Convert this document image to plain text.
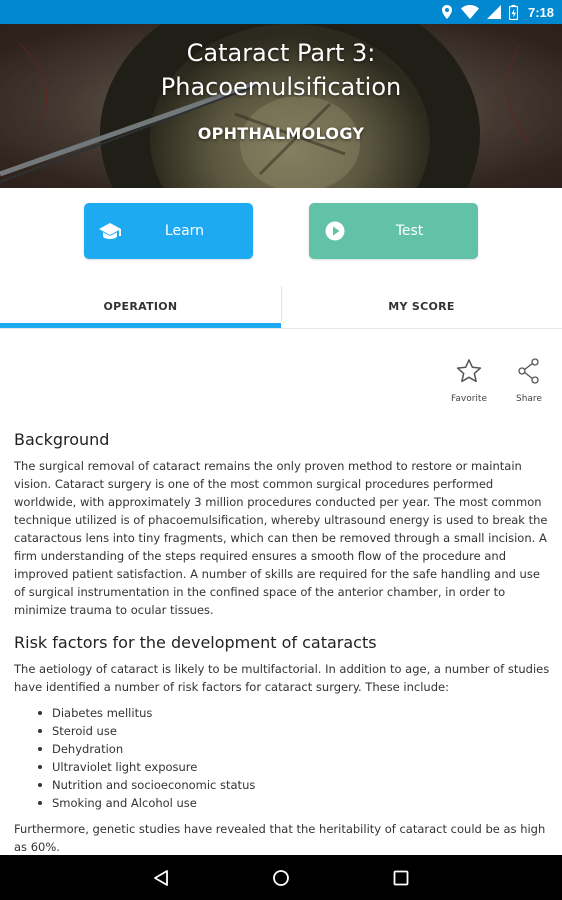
7:18
Cataract Part 3:
Phacoemulsification
OPHTHALMOLOGY
Learn	Test
OPERATION	MY SCORE
Favorite	Share
Background

The surgical removal of cataract remains the only proven method to restore or maintain vision. Cataract surgery is one of the most common surgical procedures performed worldwide, with approximately 3 million procedures conducted per year. The most common technique utilized is of phacoemulsification, whereby ultrasound energy is used to break the cataractous lens into tiny fragments, which can then be removed through a small incision. A firm understanding of the steps required ensures a smooth flow of the procedure and improved patient satisfaction. A number of skills are required for the safe handling and use of surgical instrumentation in the confined space of the anterior chamber, in order to minimize trauma to ocular tissues.

Risk factors for the development of cataracts

The aetiology of cataract is likely to be multifactorial. In addition to age, a number of studies have identified a number of risk factors for cataract surgery. These include:

Diabetes mellitus
Steroid use
Dehydration
Ultraviolet light exposure
Nutrition and socioeconomic status
Smoking and Alcohol use

Furthermore, genetic studies have revealed that the heritability of cataract could be as high as 60%.
